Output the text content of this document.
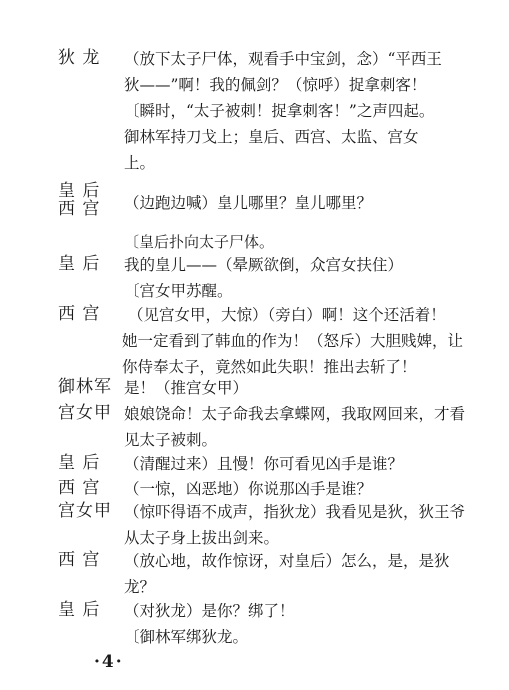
狄 龙	（放下太子尸体，观看手中宝剑，念）“平西王
狄——”啊！我的佩剑？（惊呼）捉拿刺客！
〔瞬时，“太子被刺！捉拿刺客！”之声四起。
御林军持刀戈上；皇后、西宫、太监、宫女
上。
皇 后
西 宫	（边跑边喊）皇儿哪里？皇儿哪里？
〔皇后扑向太子尸体。
皇 后	我的皇儿——（晕厥欲倒，众宫女扶住）
〔宫女甲苏醒。
西 宫	（见宫女甲，大惊）（旁白）啊！这个还活着！
她一定看到了韩血的作为！（怒斥）大胆贱婢，让
你侍奉太子，竟然如此失职！推出去斩了！
御林军 是！（推宫女甲）
宫女甲 娘娘饶命！太子命我去拿蝶网，我取网回来，才看
见太子被刺。
皇 后	（清醒过来）且慢！你可看见凶手是谁？
西 宫	（一惊，凶恶地）你说那凶手是谁？
宫女甲 （惊吓得语不成声，指狄龙）我看见是狄，狄王爷
从太子身上拔出剑来。
西 宫	（放心地，故作惊讶，对皇后）怎么，是，是狄
龙？
皇 后	（对狄龙）是你？绑了！
〔御林军绑狄龙。
·4·
